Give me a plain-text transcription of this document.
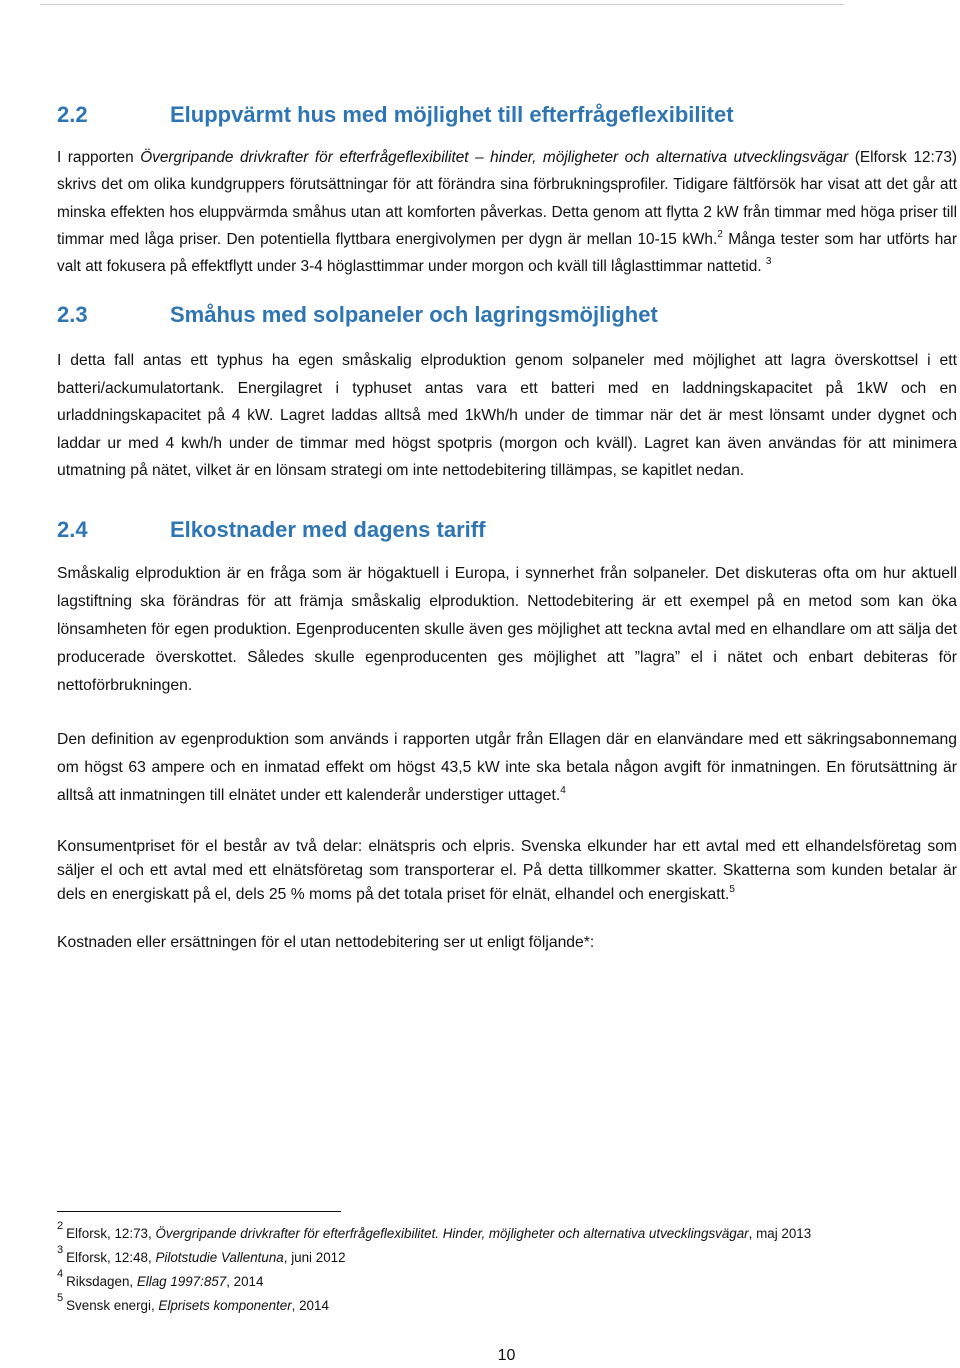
2.2	Eluppvärmt hus med möjlighet till efterfrågeflexibilitet

I rapporten Övergripande drivkrafter för efterfrågeflexibilitet – hinder, möjligheter och alternativa utvecklingsvägar (Elforsk 12:73) skrivs det om olika kundgruppers förutsättningar för att förändra sina förbrukningsprofiler. Tidigare fältförsök har visat att det går att minska effekten hos eluppvärmda småhus utan att komforten påverkas. Detta genom att flytta 2 kW från timmar med höga priser till timmar med låga priser. Den potentiella flyttbara energivolymen per dygn är mellan 10-15 kWh.$^2$ Många tester som har utförts har valt att fokusera på effektflytt under 3-4 höglasttimmar under morgon och kväll till låglasttimmar nattetid. $^3$

2.3	Småhus med solpaneler och lagringsmöjlighet

I detta fall antas ett typhus ha egen småskalig elproduktion genom solpaneler med möjlighet att lagra överskottsel i ett batteri/ackumulatortank. Energilagret i typhuset antas vara ett batteri med en laddningskapacitet på 1kW och en urladdningskapacitet på 4 kW. Lagret laddas alltså med 1kWh/h under de timmar när det är mest lönsamt under dygnet och laddar ur med 4 kwh/h under de timmar med högst spotpris (morgon och kväll). Lagret kan även användas för att minimera utmatning på nätet, vilket är en lönsam strategi om inte nettodebitering tillämpas, se kapitlet nedan.

2.4	Elkostnader med dagens tariff

Småskalig elproduktion är en fråga som är högaktuell i Europa, i synnerhet från solpaneler. Det diskuteras ofta om hur aktuell lagstiftning ska förändras för att främja småskalig elproduktion. Nettodebitering är ett exempel på en metod som kan öka lönsamheten för egen produktion. Egenproducenten skulle även ges möjlighet att teckna avtal med en elhandlare om att sälja det producerade överskottet. Således skulle egenproducenten ges möjlighet att ”lagra” el i nätet och enbart debiteras för nettoförbrukningen.

Den definition av egenproduktion som används i rapporten utgår från Ellagen där en elanvändare med ett säkringsabonnemang om högst 63 ampere och en inmatad effekt om högst 43,5 kW inte ska betala någon avgift för inmatningen. En förutsättning är alltså att inmatningen till elnätet under ett kalenderår understiger uttaget.$^4$

Konsumentpriset för el består av två delar: elnätspris och elpris. Svenska elkunder har ett avtal med ett elhandelsföretag som säljer el och ett avtal med ett elnätsföretag som transporterar el. På detta tillkommer skatter. Skatterna som kunden betalar är dels en energiskatt på el, dels 25 % moms på det totala priset för elnät, elhandel och energiskatt.$^5$

Kostnaden eller ersättningen för el utan nettodebitering ser ut enligt följande*:

$^2$ Elforsk, 12:73, Övergripande drivkrafter för efterfrågeflexibilitet. Hinder, möjligheter och alternativa utvecklingsvägar, maj 2013
$^3$ Elforsk, 12:48, Pilotstudie Vallentuna, juni 2012
$^4$ Riksdagen, Ellag 1997:857, 2014
$^5$ Svensk energi, Elprisets komponenter, 2014
10
